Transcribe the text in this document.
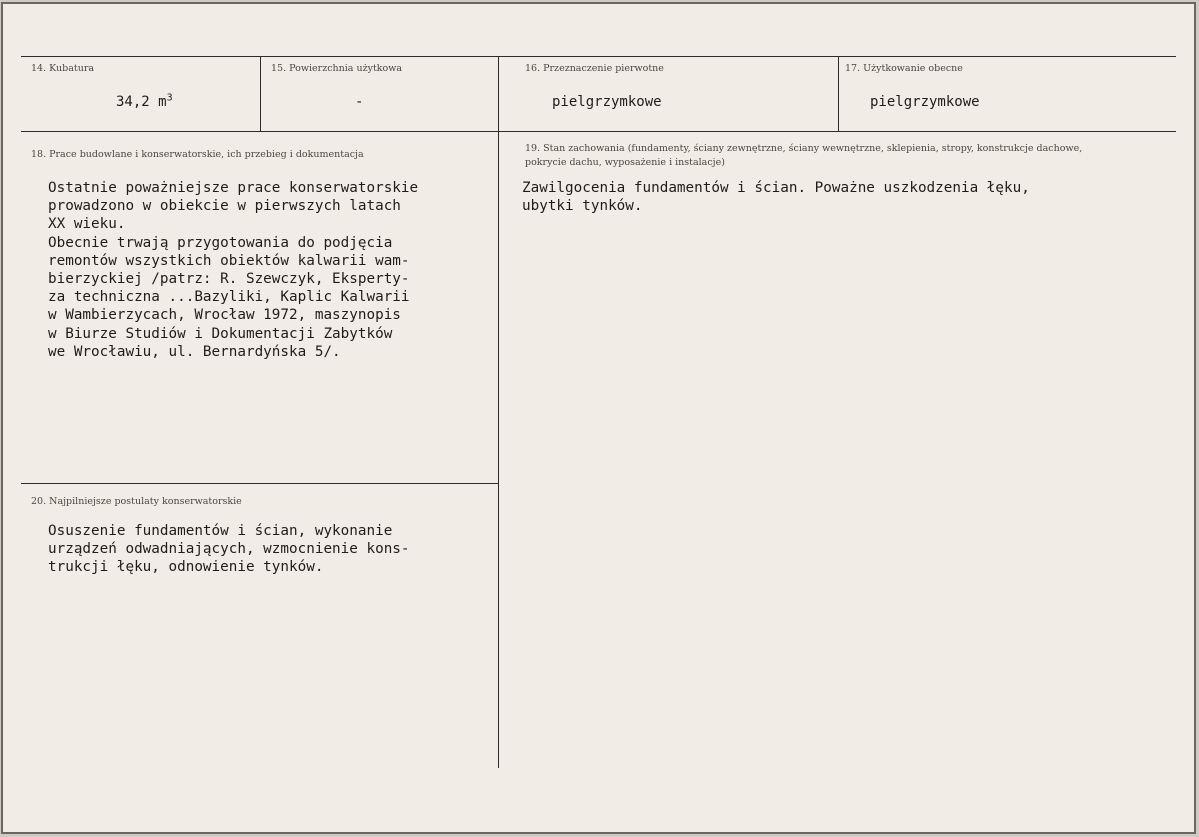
14. Kubatura
34,2 $m^3$
15. Powierzchnia użytkowa
-
16. Przeznaczenie pierwotne
pielgrzymkowe
17. Użytkowanie obecne
pielgrzymkowe
18. Prace budowlane i konserwatorskie, ich przebieg i dokumentacja
Ostatnie poważniejsze prace konserwatorskie
prowadzono w obiekcie w pierwszych latach
XX wieku.
Obecnie trwają przygotowania do podjęcia
remontów wszystkich obiektów kalwarii wam-
bierzyckiej /patrz: R. Szewczyk, Eksperty-
za techniczna ...Bazyliki, Kaplic Kalwarii
w Wambierzycach, Wrocław 1972, maszynopis
w Biurze Studiów i Dokumentacji Zabytków
we Wrocławiu, ul. Bernardyńska 5/.
19. Stan zachowania (fundamenty, ściany zewnętrzne, ściany wewnętrzne, sklepienia, stropy, konstrukcje dachowe, pokrycie dachu, wyposażenie i instalacje)
Zawilgocenia fundamentów i ścian. Poważne uszkodzenia łęku,
ubytki tynków.
20. Najpilniejsze postulaty konserwatorskie
Osuszenie fundamentów i ścian, wykonanie
urządzeń odwadniających, wzmocnienie kons-
trukcji łęku, odnowienie tynków.
